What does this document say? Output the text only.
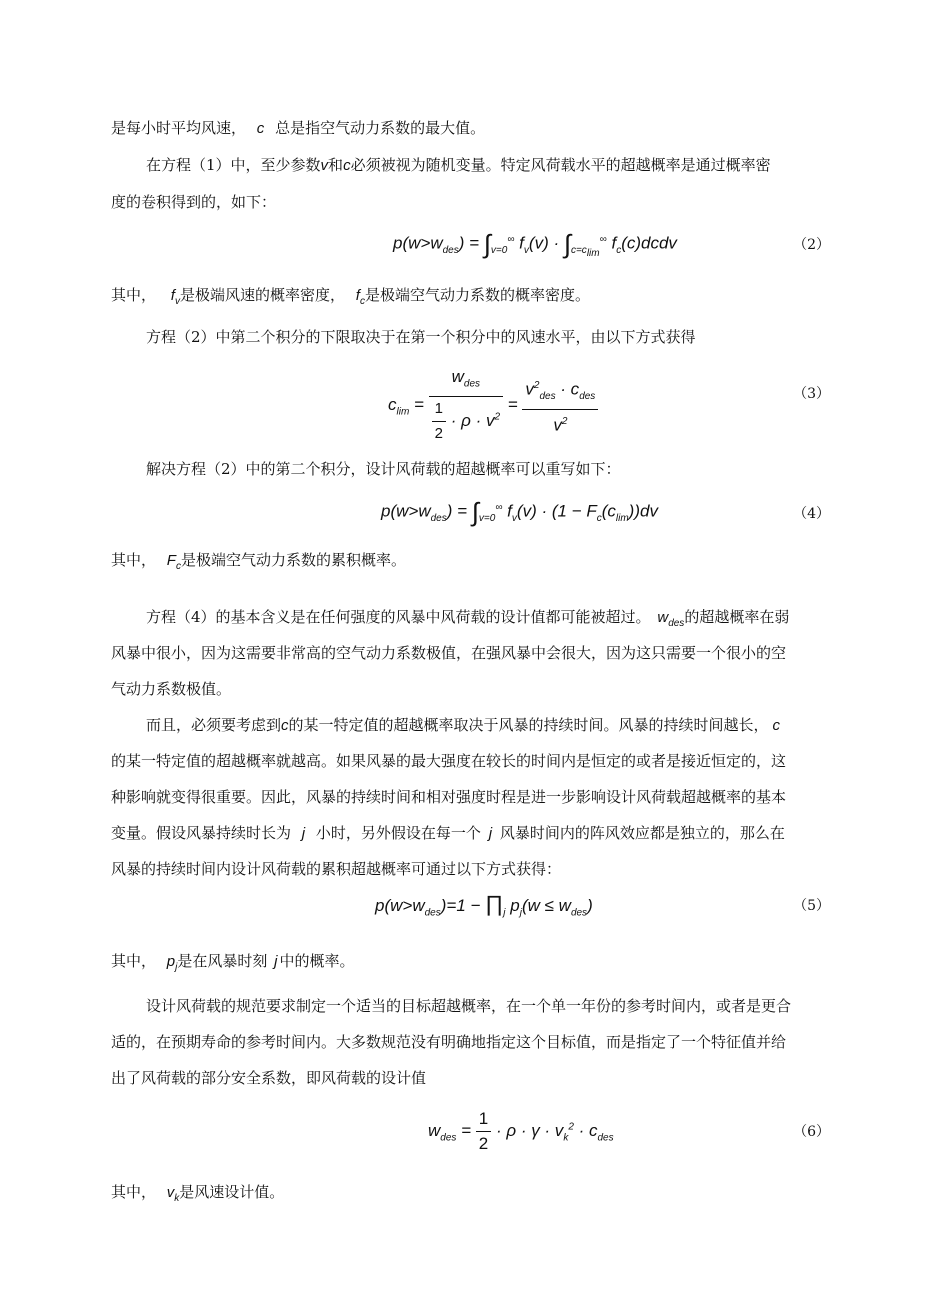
是每小时平均风速， c 总是指空气动力系数的最大值。
在方程（1）中，至少参数v和c必须被视为随机变量。特定风荷载水平的超越概率是通过概率密
度的卷积得到的，如下：
$p(w>w_{des}) = \int_{v=0}^\infty$ $f_v(v) \cdot \int_{c=c_{lim}}^\infty$ $f_c(c)dcdv$	（2）
其中， $f_v$是极端风速的概率密度， $f_c$是极端空气动力系数的概率密度。
方程（2）中第二个积分的下限取决于在第一个积分中的风速水平，由以下方式获得
$c_{lim} = \frac{w_{des}}{\frac{1}{2} \cdot \rho \cdot v^2} = \frac{v^2_{des} \cdot c_{des}}{v^2}$	（3）
解决方程（2）中的第二个积分，设计风荷载的超越概率可以重写如下：
$p(w>w_{des}) = \int_{v=0}^\infty$ $f_v(v) \cdot (1 - F_c(c_{lim}))dv$	（4）
其中， $F_c$是极端空气动力系数的累积概率。
方程（4）的基本含义是在任何强度的风暴中风荷载的设计值都可能被超过。 $w_{des}$的超越概率在弱
风暴中很小，因为这需要非常高的空气动力系数极值，在强风暴中会很大，因为这只需要一个很小的空
气动力系数极值。
而且，必须要考虑到c的某一特定值的超越概率取决于风暴的持续时间。风暴的持续时间越长， c
的某一特定值的超越概率就越高。如果风暴的最大强度在较长的时间内是恒定的或者是接近恒定的，这
种影响就变得很重要。因此，风暴的持续时间和相对强度时程是进一步影响设计风荷载超越概率的基本
变量。假设风暴持续时长为 j 小时，另外假设在每一个 j 风暴时间内的阵风效应都是独立的，那么在
风暴的持续时间内设计风荷载的累积超越概率可通过以下方式获得：
$p(w>w_{des})=1$ − $\prod_j$ $p_j(w \le w_{des})$	（5）
其中， $p_j$是在风暴时刻 j 中的概率。
设计风荷载的规范要求制定一个适当的目标超越概率，在一个单一年份的参考时间内，或者是更合
适的，在预期寿命的参考时间内。大多数规范没有明确地指定这个目标值，而是指定了一个特征值并给
出了风荷载的部分安全系数，即风荷载的设计值
$w_{des} = \frac{1}{2} \cdot \rho \cdot \gamma \cdot v_k^2 \cdot c_{des}$	（6）
其中， $v_k$是风速设计值。
